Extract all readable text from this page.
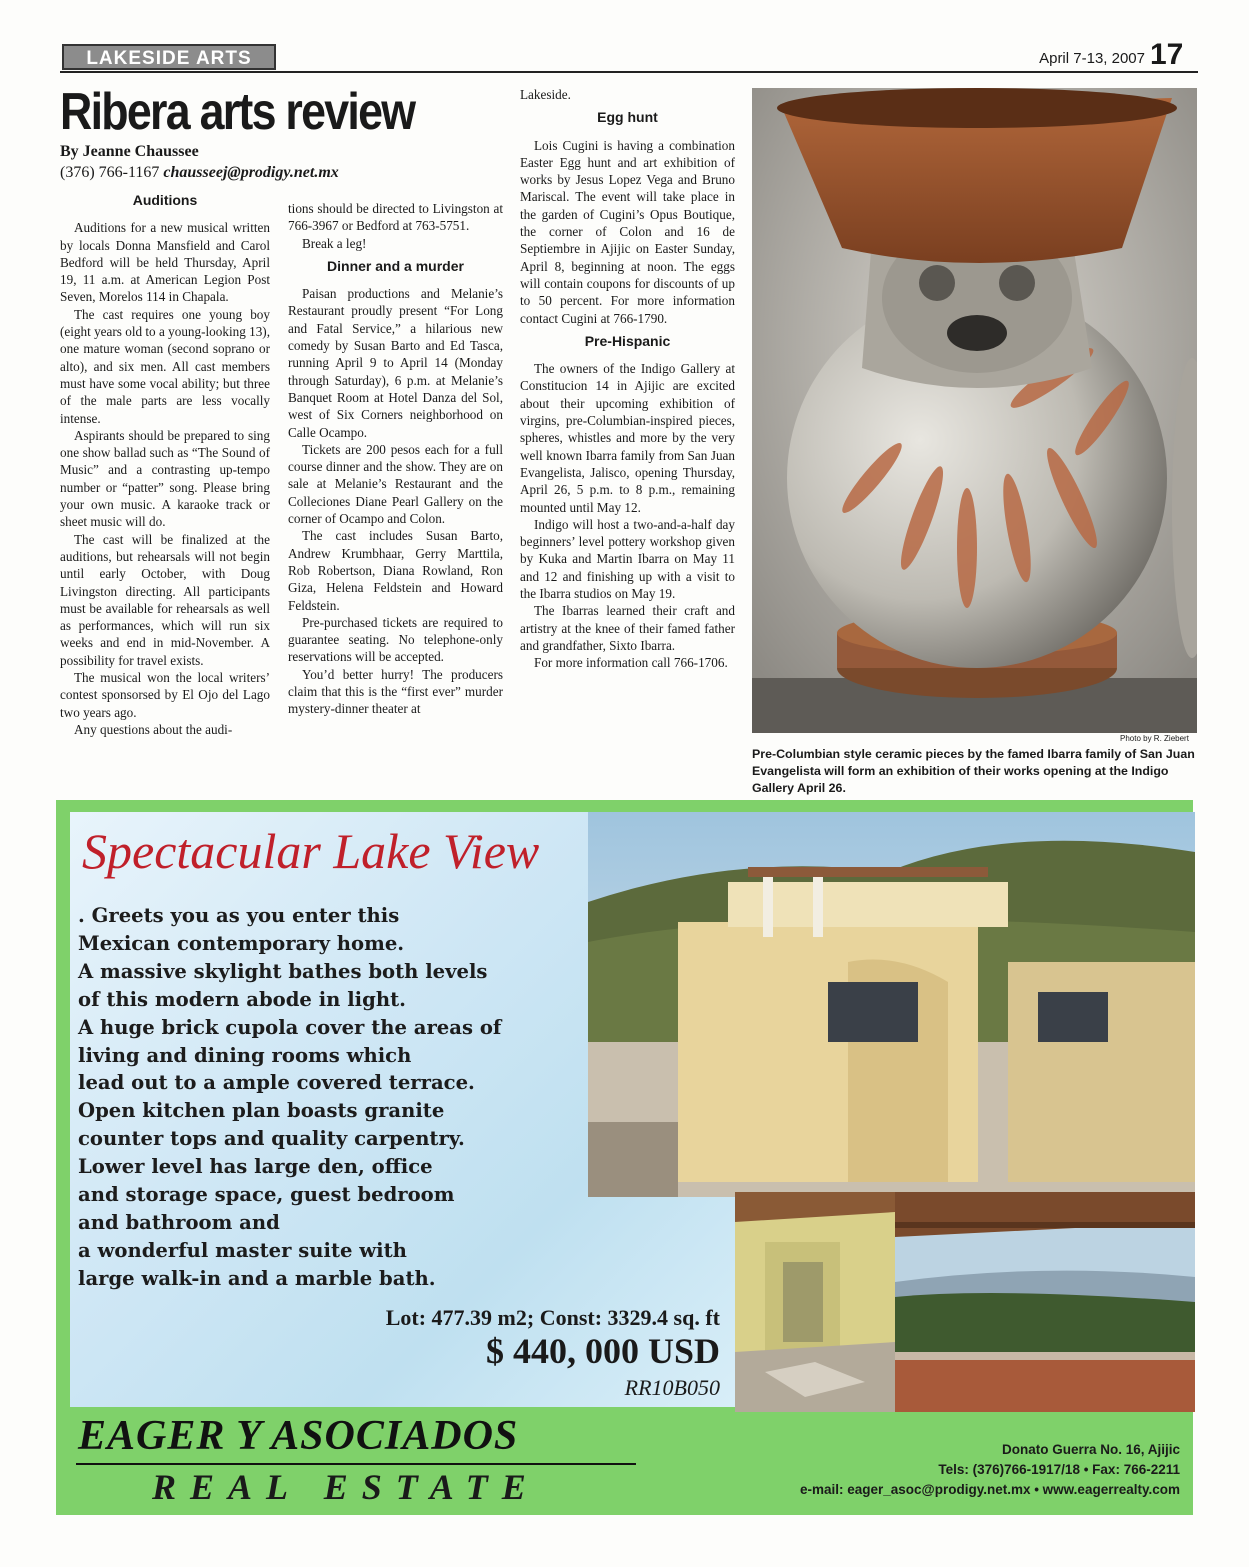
LAKESIDE ARTS	April 7-13, 2007 17
Ribera arts review
By Jeanne Chaussee
(376) 766-1167 chausseej@prodigy.net.mx
Auditions

Auditions for a new musical written by locals Donna Mansfield and Carol Bedford will be held Thursday, April 19, 11 a.m. at American Legion Post Seven, Morelos 114 in Chapala.

The cast requires one young boy (eight years old to a young-looking 13), one mature woman (second soprano or alto), and six men. All cast members must have some vocal ability; but three of the male parts are less vocally intense.

Aspirants should be prepared to sing one show ballad such as “The Sound of Music” and a contrasting up-tempo number or “patter” song. Please bring your own music. A karaoke track or sheet music will do.

The cast will be finalized at the auditions, but rehearsals will not begin until early October, with Doug Livingston directing. All participants must be available for rehearsals as well as performances, which will run six weeks and end in mid-November. A possibility for travel exists.

The musical won the local writers’ contest sponsorsed by El Ojo del Lago two years ago.

Any questions about the audi-

tions should be directed to Livingston at 766-3967 or Bedford at 763-5751.

Break a leg!

Dinner and a murder

Paisan productions and Melanie’s Restaurant proudly present “For Long and Fatal Service,” a hilarious new comedy by Susan Barto and Ed Tasca, running April 9 to April 14 (Monday through Saturday), 6 p.m. at Melanie’s Banquet Room at Hotel Danza del Sol, west of Six Corners neighborhood on Calle Ocampo.

Tickets are 200 pesos each for a full course dinner and the show. They are on sale at Melanie’s Restaurant and the Colleciones Diane Pearl Gallery on the corner of Ocampo and Colon.

The cast includes Susan Barto, Andrew Krumbhaar, Gerry Marttila, Rob Robertson, Diana Rowland, Ron Giza, Helena Feldstein and Howard Feldstein.

Pre-purchased tickets are required to guarantee seating. No telephone-only reservations will be accepted.

You’d better hurry! The producers claim that this is the “first ever” murder mystery-dinner theater at

Lakeside.

Egg hunt

Lois Cugini is having a combination Easter Egg hunt and art exhibition of works by Jesus Lopez Vega and Bruno Mariscal. The event will take place in the garden of Cugini’s Opus Boutique, the corner of Colon and 16 de Septiembre in Ajijic on Easter Sunday, April 8, beginning at noon. The eggs will contain coupons for discounts of up to 50 percent. For more information contact Cugini at 766-1790.

Pre-Hispanic

The owners of the Indigo Gallery at Constitucion 14 in Ajijic are excited about their upcoming exhibition of virgins, pre-Columbian-inspired pieces, spheres, whistles and more by the very well known Ibarra family from San Juan Evangelista, Jalisco, opening Thursday, April 26, 5 p.m. to 8 p.m., remaining mounted until May 12.

Indigo will host a two-and-a-half day beginners’ level pottery workshop given by Kuka and Martin Ibarra on May 11 and 12 and finishing up with a visit to the Ibarra studios on May 19.

The Ibarras learned their craft and artistry at the knee of their famed father and grandfather, Sixto Ibarra.

For more information call 766-1706.

Photo by R. Ziebert
Pre-Columbian style ceramic pieces by the famed Ibarra family of San Juan Evangelista will form an exhibition of their works opening at the Indigo Gallery April 26.
Spectacular Lake View
. Greets you as you enter this
Mexican contemporary home.
A massive skylight bathes both levels
of this modern abode in light.
A huge brick cupola cover the areas of
living and dining rooms which
lead out to a ample covered terrace.
Open kitchen plan boasts granite
counter tops and quality carpentry.
Lower level has large den, office
and storage space, guest bedroom
and bathroom and
a wonderful master suite with
large walk-in and a marble bath.
Lot: 477.39 m2; Const: 3329.4 sq. ft
$ 440, 000 USD
RR10B050
EAGER Y ASOCIADOS
REAL ESTATE
Donato Guerra No. 16, Ajijic
Tels: (376)766-1917/18 • Fax: 766-2211
e-mail: eager_asoc@prodigy.net.mx • www.eagerrealty.com
